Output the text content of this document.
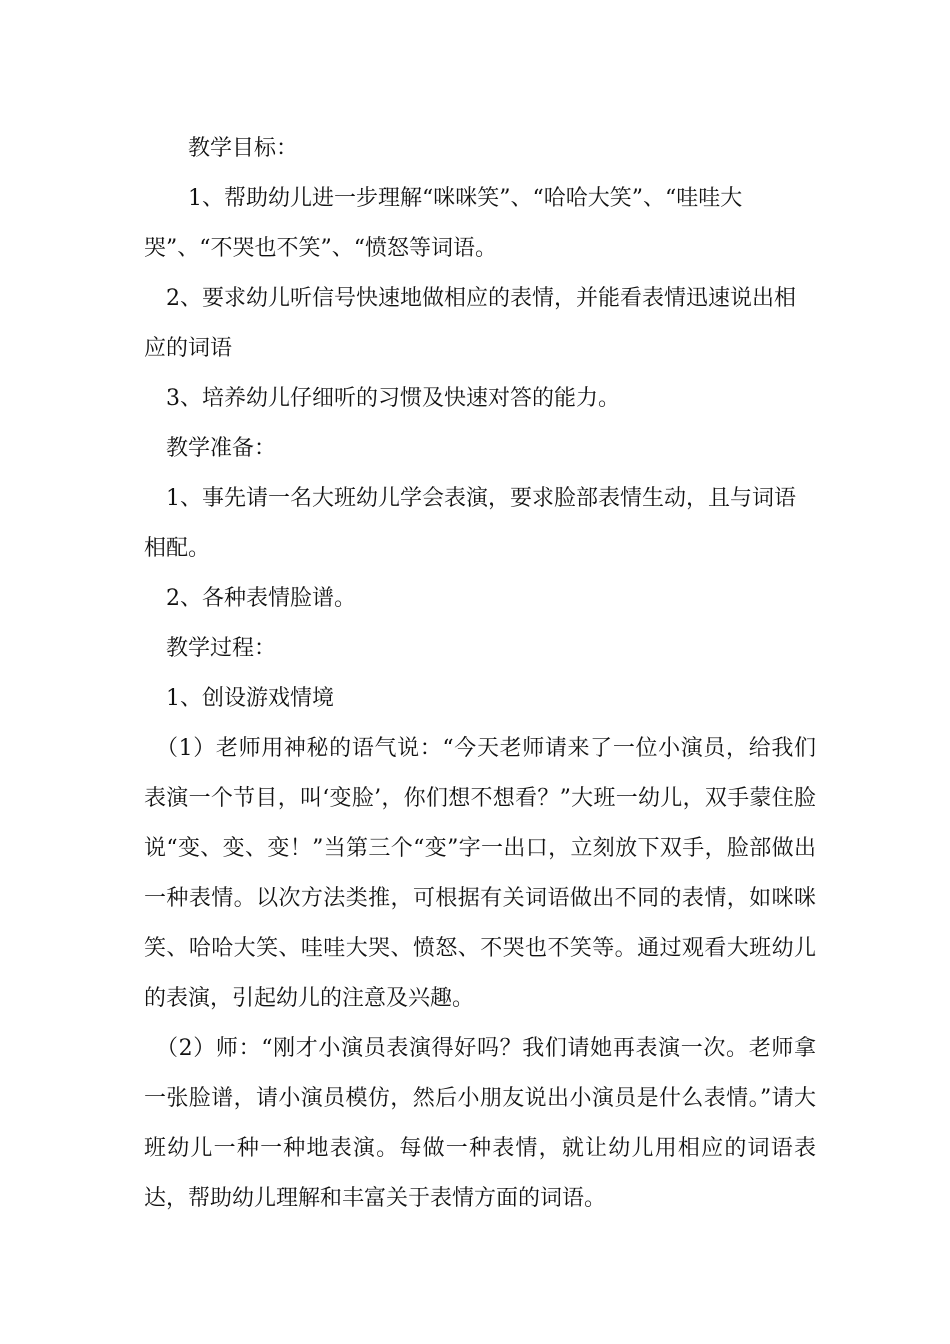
教学目标：

1、帮助幼儿进一步理解“咪咪笑”、“哈哈大笑”、“哇哇大哭”、“不哭也不笑”、“愤怒等词语。

2、要求幼儿听信号快速地做相应的表情，并能看表情迅速说出相应的词语

3、培养幼儿仔细听的习惯及快速对答的能力。

教学准备：

1、事先请一名大班幼儿学会表演，要求脸部表情生动，且与词语相配。

2、各种表情脸谱。

教学过程：

1、创设游戏情境

（1）老师用神秘的语气说：“今天老师请来了一位小演员，给我们表演一个节目，叫‘变脸’，你们想不想看？”大班一幼儿，双手蒙住脸说“变、变、变！”当第三个“变”字一出口，立刻放下双手，脸部做出一种表情。以次方法类推，可根据有关词语做出不同的表情，如咪咪笑、哈哈大笑、哇哇大哭、愤怒、不哭也不笑等。通过观看大班幼儿的表演，引起幼儿的注意及兴趣。

（2）师：“刚才小演员表演得好吗？我们请她再表演一次。老师拿一张脸谱，请小演员模仿，然后小朋友说出小演员是什么表情。”请大班幼儿一种一种地表演。每做一种表情，就让幼儿用相应的词语表达，帮助幼儿理解和丰富关于表情方面的词语。
